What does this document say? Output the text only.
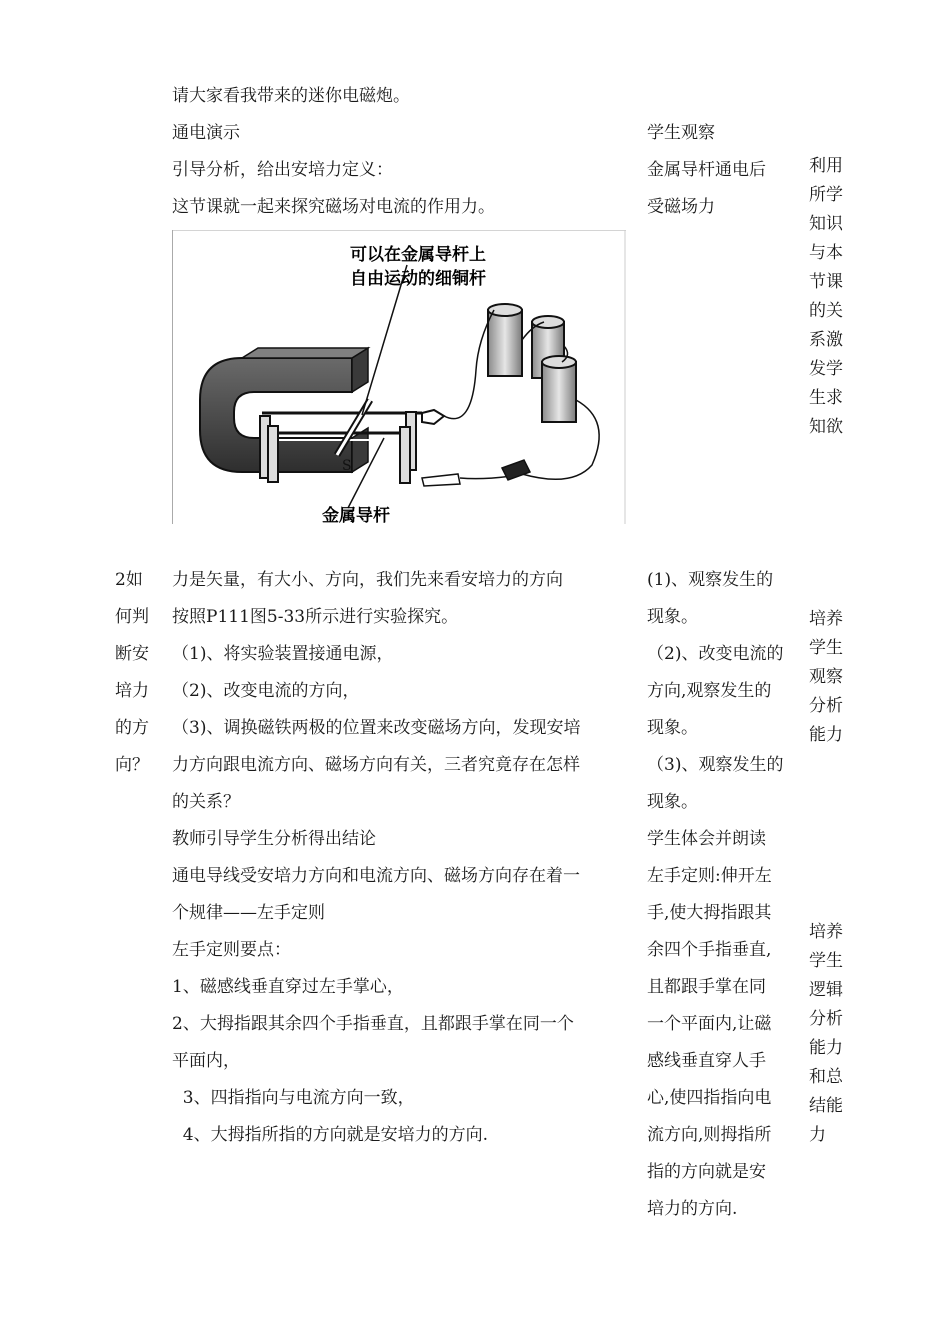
请大家看我带来的迷你电磁炮。
通电演示
引导分析，给出安培力定义：
这节课就一起来探究磁场对电流的作用力。
学生观察
金属导杆通电后
受磁场力
利用
所学
知识
与本
节课
的关
系激
发学
生求
知欲
可以在金属导杆上
自由运动的细铜杆
金属导杆
S
2如
何判
断安
培力
的方
向？
力是矢量，有大小、方向，我们先来看安培力的方向
按照P111图5-33所示进行实验探究。
（1)、将实验装置接通电源，
（2)、改变电流的方向，
（3)、调换磁铁两极的位置来改变磁场方向，发现安培
力方向跟电流方向、磁场方向有关，三者究竟存在怎样
的关系？
教师引导学生分析得出结论
通电导线受安培力方向和电流方向、磁场方向存在着一
个规律——左手定则
左手定则要点：
1、磁感线垂直穿过左手掌心，
2、大拇指跟其余四个手指垂直，且都跟手掌在同一个
平面内，
3、四指指向与电流方向一致，
4、大拇指所指的方向就是安培力的方向.
(1)、观察发生的
现象。
（2)、改变电流的
方向,观察发生的
现象。
（3)、观察发生的
现象。
学生体会并朗读
左手定则:伸开左
手,使大拇指跟其
余四个手指垂直,
且都跟手掌在同
一个平面内,让磁
感线垂直穿人手
心,使四指指向电
流方向,则拇指所
指的方向就是安
培力的方向.
培养
学生
观察
分析
能力
培养
学生
逻辑
分析
能力
和总
结能
力
